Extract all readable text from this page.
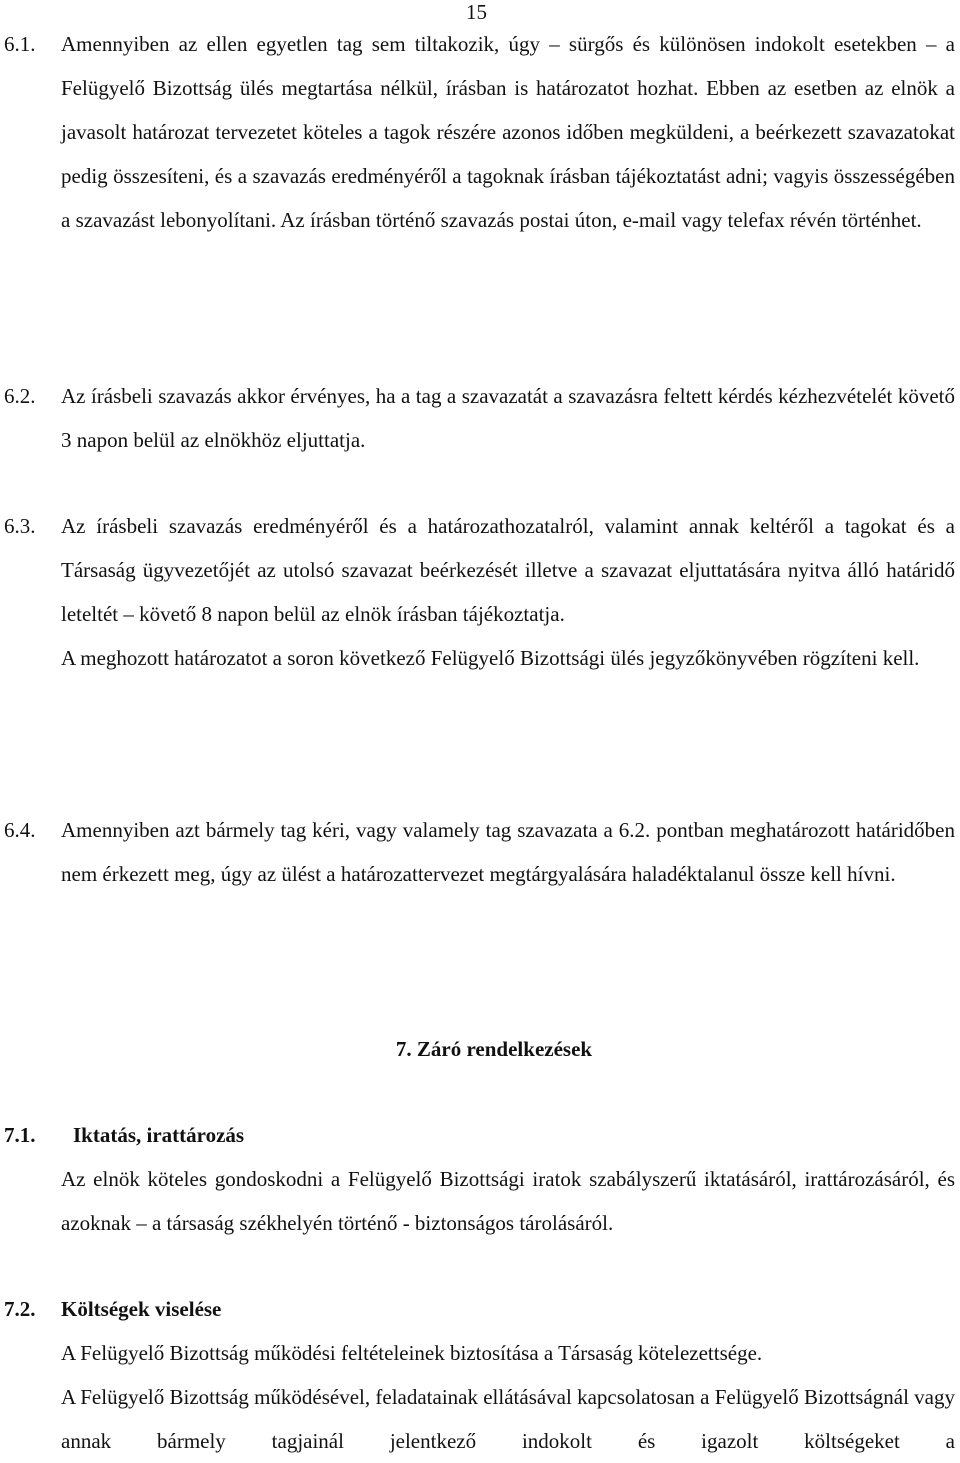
15
6.1. Amennyiben az ellen egyetlen tag sem tiltakozik, úgy – sürgős és különösen indokolt esetekben – a Felügyelő Bizottság ülés megtartása nélkül, írásban is határozatot hozhat. Ebben az esetben az elnök a javasolt határozat tervezetet köteles a tagok részére azonos időben megküldeni, a beérkezett szavazatokat pedig összesíteni, és a szavazás eredményéről a tagoknak írásban tájékoztatást adni; vagyis összességében a szavazást lebonyolítani. Az írásban történő szavazás postai úton, e-mail vagy telefax révén történhet.

6.2. Az írásbeli szavazás akkor érvényes, ha a tag a szavazatát a szavazásra feltett kérdés kézhezvételét követő 3 napon belül az elnökhöz eljuttatja.

6.3. Az írásbeli szavazás eredményéről és a határozathozatalról, valamint annak keltéről a tagokat és a Társaság ügyvezetőjét az utolsó szavazat beérkezését illetve a szavazat eljuttatására nyitva álló határidő leteltét – követő 8 napon belül az elnök írásban tájékoztatja.

A meghozott határozatot a soron következő Felügyelő Bizottsági ülés jegyzőkönyvében rögzíteni kell.

6.4. Amennyiben azt bármely tag kéri, vagy valamely tag szavazata a 6.2. pontban meghatározott határidőben nem érkezett meg, úgy az ülést a határozattervezet megtárgyalására haladéktalanul össze kell hívni.

7. Záró rendelkezések
7.1. Iktatás, irattározás

Az elnök köteles gondoskodni a Felügyelő Bizottsági iratok szabályszerű iktatásáról, irattározásáról, és azoknak – a társaság székhelyén történő - biztonságos tárolásáról.

7.2. Költségek viselése

A Felügyelő Bizottság működési feltételeinek biztosítása a Társaság kötelezettsége.

A Felügyelő Bizottság működésével, feladatainak ellátásával kapcsolatosan a Felügyelő Bizottságnál vagy annak bármely tagjainál jelentkező indokolt és igazolt költségeket a
